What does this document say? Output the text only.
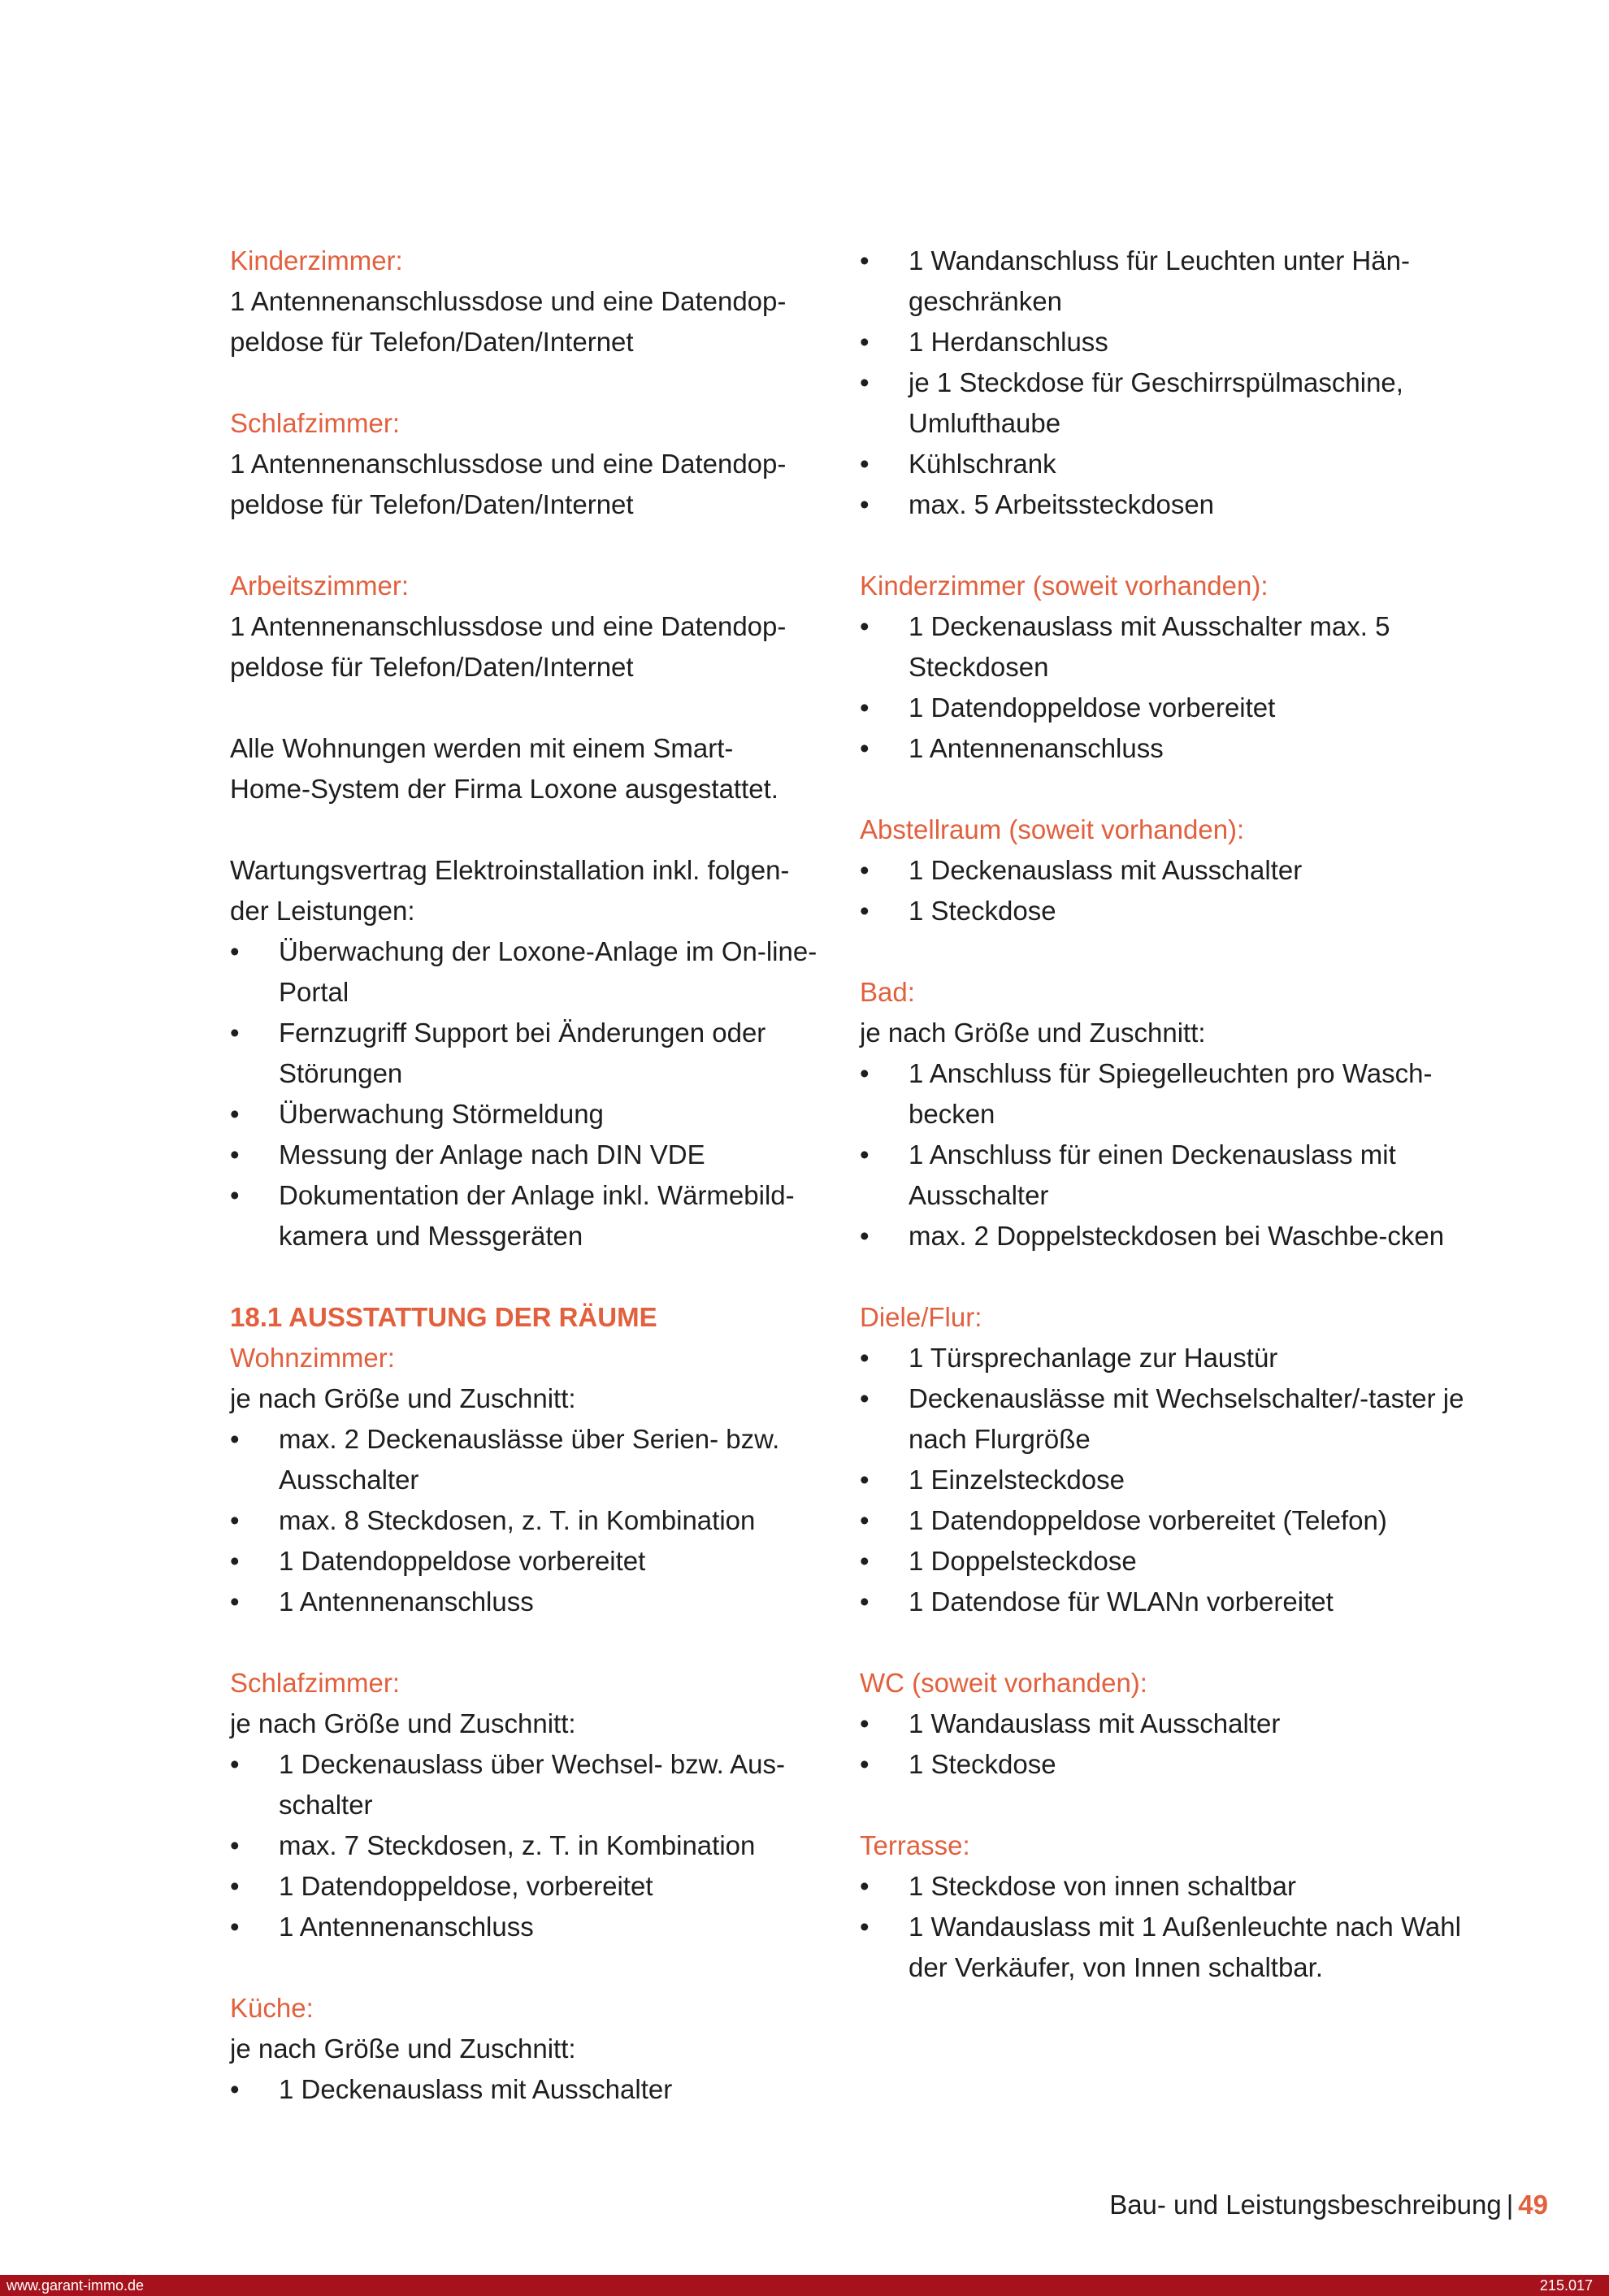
Kinderzimmer:
1 Antennenanschlussdose und eine Datendop-
peldose für Telefon/Daten/Internet
Schlafzimmer:
1 Antennenanschlussdose und eine Datendop-
peldose für Telefon/Daten/Internet
Arbeitszimmer:
1 Antennenanschlussdose und eine Datendop-
peldose für Telefon/Daten/Internet
Alle Wohnungen werden mit einem Smart-
Home-System der Firma Loxone ausgestattet.
Wartungsvertrag Elektroinstallation inkl. folgen-
der Leistungen:
• Überwachung der Loxone-Anlage im On-line-Portal
• Fernzugriff Support bei Änderungen oder Störungen
• Überwachung Störmeldung
• Messung der Anlage nach DIN VDE
• Dokumentation der Anlage inkl. Wärmebild-kamera und Messgeräten
18.1 AUSSTATTUNG DER RÄUME
Wohnzimmer:
je nach Größe und Zuschnitt:
• max. 2 Deckenauslässe über Serien- bzw. Ausschalter
• max. 8 Steckdosen, z. T. in Kombination
• 1 Datendoppeldose vorbereitet
• 1 Antennenanschluss
Schlafzimmer:
je nach Größe und Zuschnitt:
• 1 Deckenauslass über Wechsel- bzw. Aus-schalter
• max. 7 Steckdosen, z. T. in Kombination
• 1 Datendoppeldose, vorbereitet
• 1 Antennenanschluss
Küche:
je nach Größe und Zuschnitt:
• 1 Deckenauslass mit Ausschalter
• 1 Wandanschluss für Leuchten unter Hän-geschränken
• 1 Herdanschluss
• je 1 Steckdose für Geschirrspülmaschine, Umlufthaube
• Kühlschrank
• max. 5 Arbeitssteckdosen
Kinderzimmer (soweit vorhanden):
• 1 Deckenauslass mit Ausschalter max. 5 Steckdosen
• 1 Datendoppeldose vorbereitet
• 1 Antennenanschluss
Abstellraum (soweit vorhanden):
• 1 Deckenauslass mit Ausschalter
• 1 Steckdose
Bad:
je nach Größe und Zuschnitt:
• 1 Anschluss für Spiegelleuchten pro Wasch-becken
• 1 Anschluss für einen Deckenauslass mit Ausschalter
• max. 2 Doppelsteckdosen bei Waschbe-cken
Diele/Flur:
• 1 Türsprechanlage zur Haustür
• Deckenauslässe mit Wechselschalter/-taster je nach Flurgröße
• 1 Einzelsteckdose
• 1 Datendoppeldose vorbereitet (Telefon)
• 1 Doppelsteckdose
• 1 Datendose für WLANn vorbereitet
WC (soweit vorhanden):
• 1 Wandauslass mit Ausschalter
• 1 Steckdose
Terrasse:
• 1 Steckdose von innen schaltbar
• 1 Wandauslass mit 1 Außenleuchte nach Wahl der Verkäufer, von Innen schaltbar.
Bau- und Leistungsbeschreibung | 49
www.garant-immo.de	215.017
